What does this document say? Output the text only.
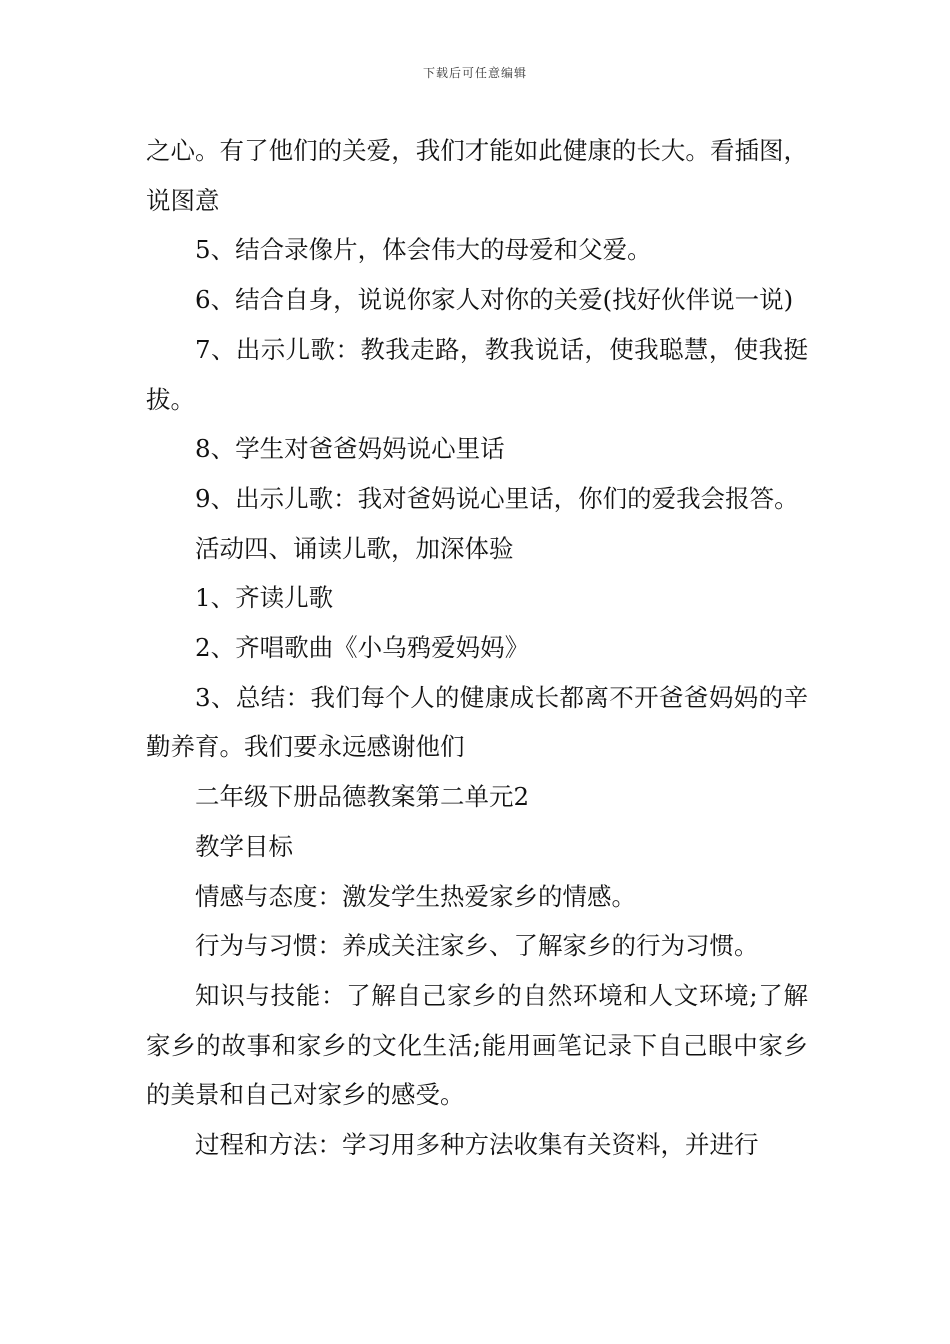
下载后可任意编辑

之心。有了他们的关爱，我们才能如此健康的长大。看插图，说图意

5、结合录像片，体会伟大的母爱和父爱。

6、结合自身，说说你家人对你的关爱(找好伙伴说一说)

7、出示儿歌：教我走路，教我说话，使我聪慧，使我挺拔。

8、学生对爸爸妈妈说心里话

9、出示儿歌：我对爸妈说心里话，你们的爱我会报答。

活动四、诵读儿歌，加深体验

1、齐读儿歌

2、齐唱歌曲《小乌鸦爱妈妈》

3、总结：我们每个人的健康成长都离不开爸爸妈妈的辛勤养育。我们要永远感谢他们

二年级下册品德教案第二单元2

教学目标

情感与态度：激发学生热爱家乡的情感。

行为与习惯：养成关注家乡、了解家乡的行为习惯。

知识与技能：了解自己家乡的自然环境和人文环境;了解家乡的故事和家乡的文化生活;能用画笔记录下自己眼中家乡的美景和自己对家乡的感受。

过程和方法：学习用多种方法收集有关资料，并进行
